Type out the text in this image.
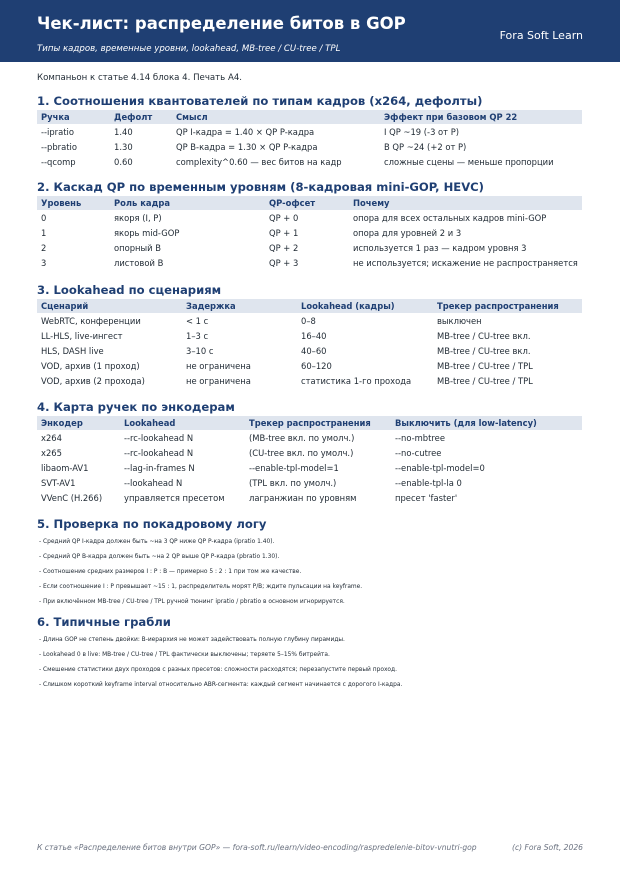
Чек-лист: распределение битов в GOP
Типы кадров, временные уровни, lookahead, MB-tree / CU-tree / TPL
Fora Soft Learn
Компаньон к статье 4.14 блока 4. Печать A4.
1. Соотношения квантователей по типам кадров (x264, дефолты)
Ручка	Дефолт	Смысл	Эффект при базовом QP 22
--ipratio	1.40	QP I-кадра = 1.40 × QP P-кадра	I QP ~19 (-3 от P)
--pbratio	1.30	QP B-кадра = 1.30 × QP P-кадра	B QP ~24 (+2 от P)
--qcomp	0.60	complexity^0.60 — вес битов на кадр	сложные сцены — меньше пропорции
2. Каскад QP по временным уровням (8-кадровая mini-GOP, HEVC)
Уровень	Роль кадра	QP-офсет	Почему
0	якоря (I, P)	QP + 0	опора для всех остальных кадров mini-GOP
1	якорь mid-GOP	QP + 1	опора для уровней 2 и 3
2	опорный B	QP + 2	используется 1 раз — кадром уровня 3
3	листовой B	QP + 3	не используется; искажение не распространяется
3. Lookahead по сценариям
Сценарий	Задержка	Lookahead (кадры)	Трекер распространения
WebRTC, конференции	< 1 с	0–8	выключен
LL-HLS, live-ингест	1–3 с	16–40	MB-tree / CU-tree вкл.
HLS, DASH live	3–10 с	40–60	MB-tree / CU-tree вкл.
VOD, архив (1 проход)	не ограничена	60–120	MB-tree / CU-tree / TPL
VOD, архив (2 прохода)	не ограничена	статистика 1-го прохода	MB-tree / CU-tree / TPL
4. Карта ручек по энкодерам
Энкодер	Lookahead	Трекер распространения	Выключить (для low-latency)
x264	--rc-lookahead N	(MB-tree вкл. по умолч.)	--no-mbtree
x265	--rc-lookahead N	(CU-tree вкл. по умолч.)	--no-cutree
libaom-AV1	--lag-in-frames N	--enable-tpl-model=1	--enable-tpl-model=0
SVT-AV1	--lookahead N	(TPL вкл. по умолч.)	--enable-tpl-la 0
VVenC (H.266)	управляется пресетом	лагранжиан по уровням	пресет 'faster'
5. Проверка по покадровому логу
- Средний QP I-кадра должен быть ~на 3 QP ниже QP P-кадра (ipratio 1.40).
- Средний QP B-кадра должен быть ~на 2 QP выше QP P-кадра (pbratio 1.30).
- Соотношение средних размеров I : P : B — примерно 5 : 2 : 1 при том же качестве.
- Если соотношение I : P превышает ~15 : 1, распределитель морят P/B; ждите пульсации на keyframe.
- При включённом MB-tree / CU-tree / TPL ручной тюнинг ipratio / pbratio в основном игнорируется.
6. Типичные грабли
- Длина GOP не степень двойки: B-иерархия не может задействовать полную глубину пирамиды.
- Lookahead 0 в live: MB-tree / CU-tree / TPL фактически выключены; теряете 5–15% битрейта.
- Смешение статистики двух проходов с разных пресетов: сложности расходятся; перезапустите первый проход.
- Слишком короткий keyframe interval относительно ABR-сегмента: каждый сегмент начинается с дорогого I-кадра.
К статье «Распределение битов внутри GOP» — fora-soft.ru/learn/video-encoding/raspredelenie-bitov-vnutri-gop	(c) Fora Soft, 2026
